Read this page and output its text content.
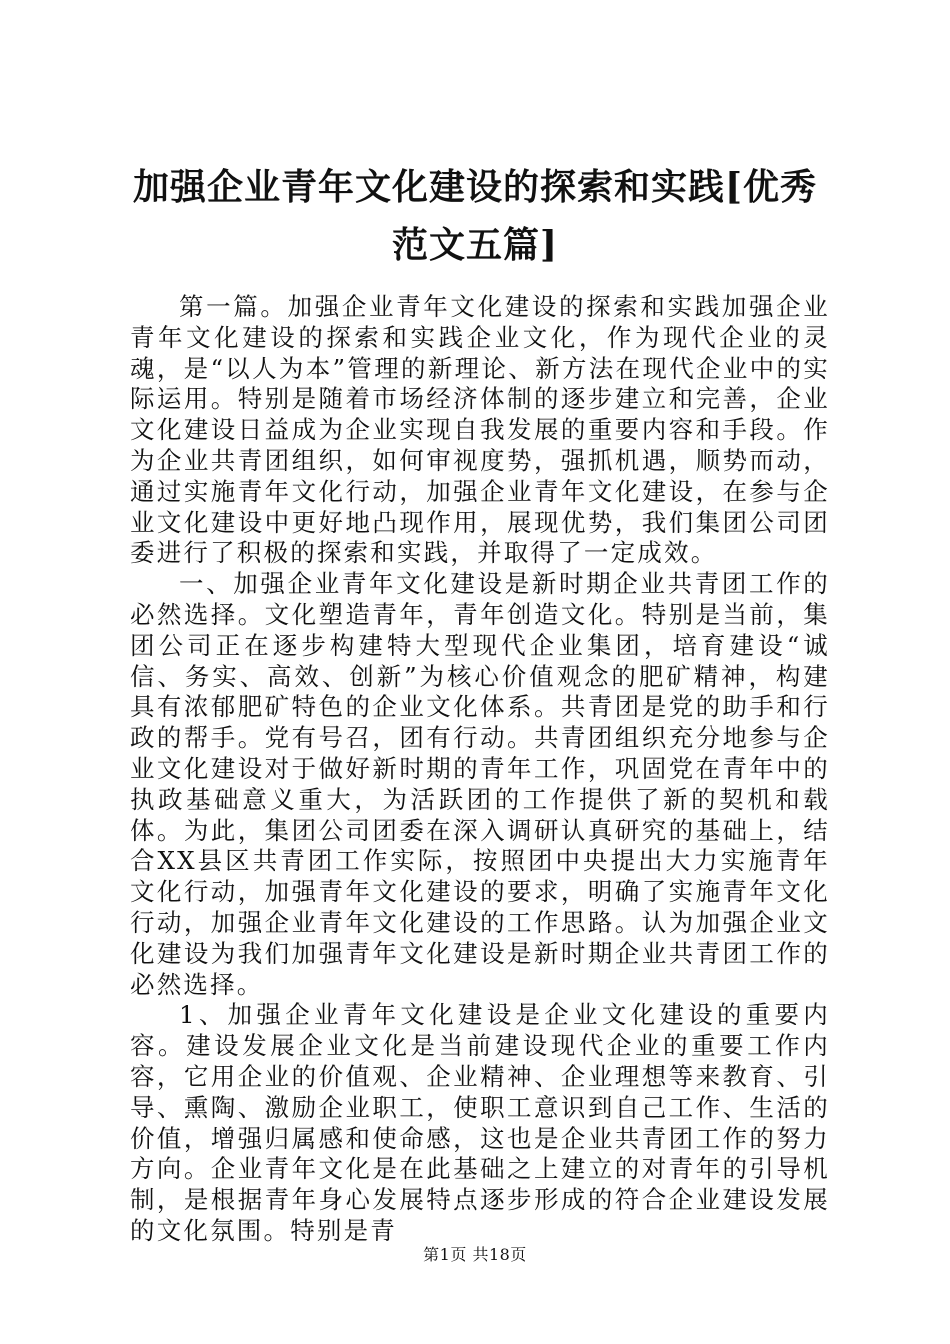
加强企业青年文化建设的探索和实践[优秀范文五篇]

第一篇。加强企业青年文化建设的探索和实践加强企业青年文化建设的探索和实践企业文化，作为现代企业的灵魂，是“以人为本”管理的新理论、新方法在现代企业中的实际运用。特别是随着市场经济体制的逐步建立和完善，企业文化建设日益成为企业实现自我发展的重要内容和手段。作为企业共青团组织，如何审视度势，强抓机遇，顺势而动，通过实施青年文化行动，加强企业青年文化建设，在参与企业文化建设中更好地凸现作用，展现优势，我们集团公司团委进行了积极的探索和实践，并取得了一定成效。

一、加强企业青年文化建设是新时期企业共青团工作的必然选择。文化塑造青年，青年创造文化。特别是当前，集团公司正在逐步构建特大型现代企业集团，培育建设“诚信、务实、高效、创新”为核心价值观念的肥矿精神，构建具有浓郁肥矿特色的企业文化体系。共青团是党的助手和行政的帮手。党有号召，团有行动。共青团组织充分地参与企业文化建设对于做好新时期的青年工作，巩固党在青年中的执政基础意义重大，为活跃团的工作提供了新的契机和载体。为此，集团公司团委在深入调研认真研究的基础上，结合XX县区共青团工作实际，按照团中央提出大力实施青年文化行动，加强青年文化建设的要求，明确了实施青年文化行动，加强企业青年文化建设的工作思路。认为加强企业文化建设为我们加强青年文化建设是新时期企业共青团工作的必然选择。

1、加强企业青年文化建设是企业文化建设的重要内容。建设发展企业文化是当前建设现代企业的重要工作内容，它用企业的价值观、企业精神、企业理想等来教育、引导、熏陶、激励企业职工，使职工意识到自己工作、生活的价值，增强归属感和使命感，这也是企业共青团工作的努力方向。企业青年文化是在此基础之上建立的对青年的引导机制，是根据青年身心发展特点逐步形成的符合企业建设发展的文化氛围。特别是青

第1页 共18页
